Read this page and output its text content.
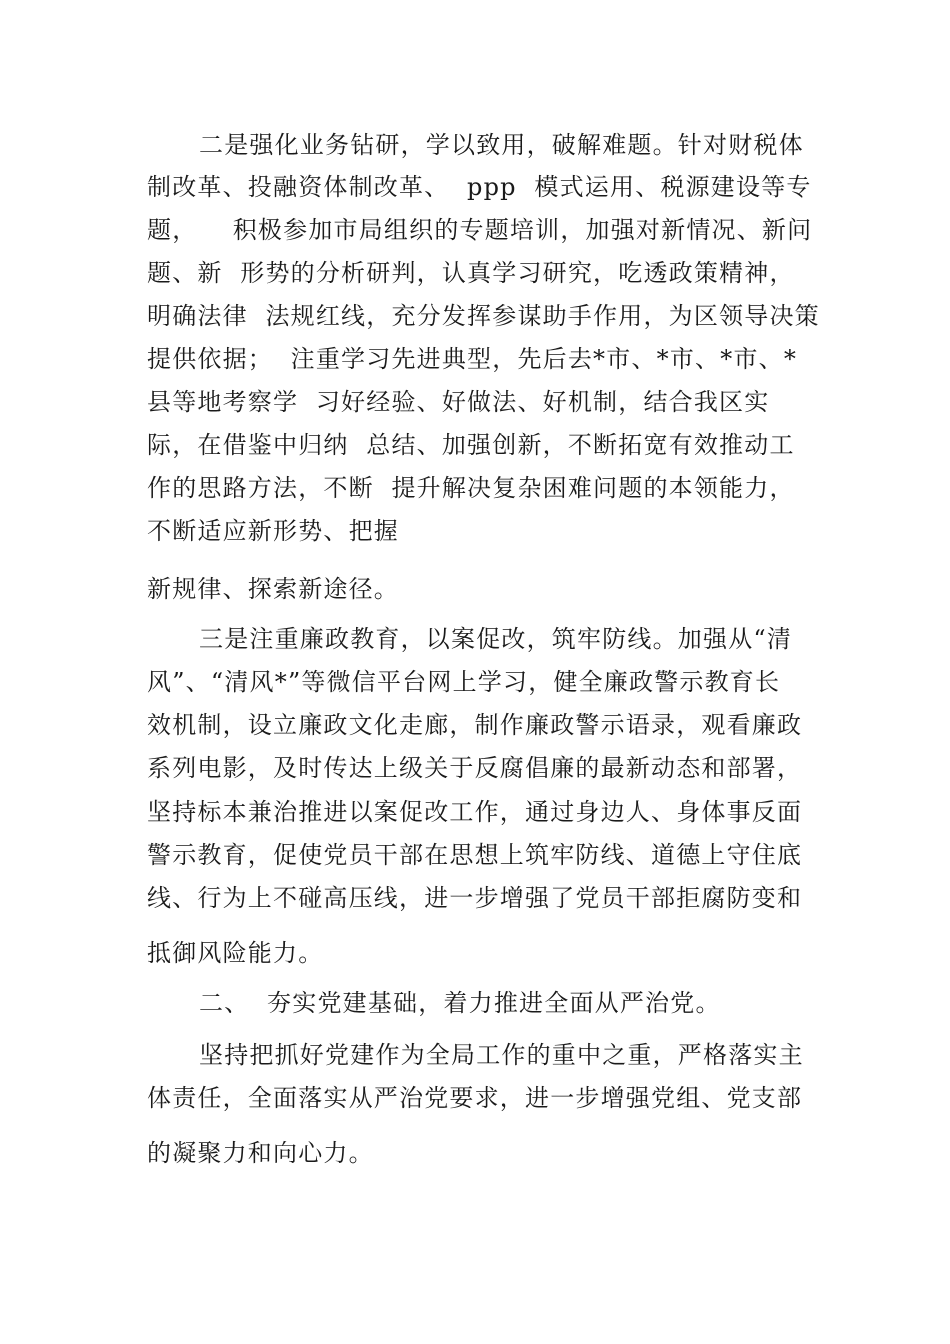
二是强化业务钻研，学以致用，破解难题。针对财税体
制改革、投融资体制改革、  ppp  模式运用、税源建设等专
题，    积极参加市局组织的专题培训，加强对新情况、新问
题、新  形势的分析研判，认真学习研究，吃透政策精神，
明确法律  法规红线，充分发挥参谋助手作用，为区领导决策
提供依据；  注重学习先进典型，先后去*市、*市、*市、*
县等地考察学  习好经验、好做法、好机制，结合我区实
际，在借鉴中归纳  总结、加强创新，不断拓宽有效推动工
作的思路方法，不断  提升解决复杂困难问题的本领能力，
不断适应新形势、把握
新规律、探索新途径。
三是注重廉政教育，以案促改，筑牢防线。加强从“清
风”、“清风*”等微信平台网上学习，健全廉政警示教育长
效机制，设立廉政文化走廊，制作廉政警示语录，观看廉政
系列电影，及时传达上级关于反腐倡廉的最新动态和部署，
坚持标本兼治推进以案促改工作，通过身边人、身体事反面
警示教育，促使党员干部在思想上筑牢防线、道德上守住底
线、行为上不碰高压线，进一步增强了党员干部拒腐防变和
抵御风险能力。
二、  夯实党建基础，着力推进全面从严治党。
坚持把抓好党建作为全局工作的重中之重，严格落实主
体责任，全面落实从严治党要求，进一步增强党组、党支部
的凝聚力和向心力。
